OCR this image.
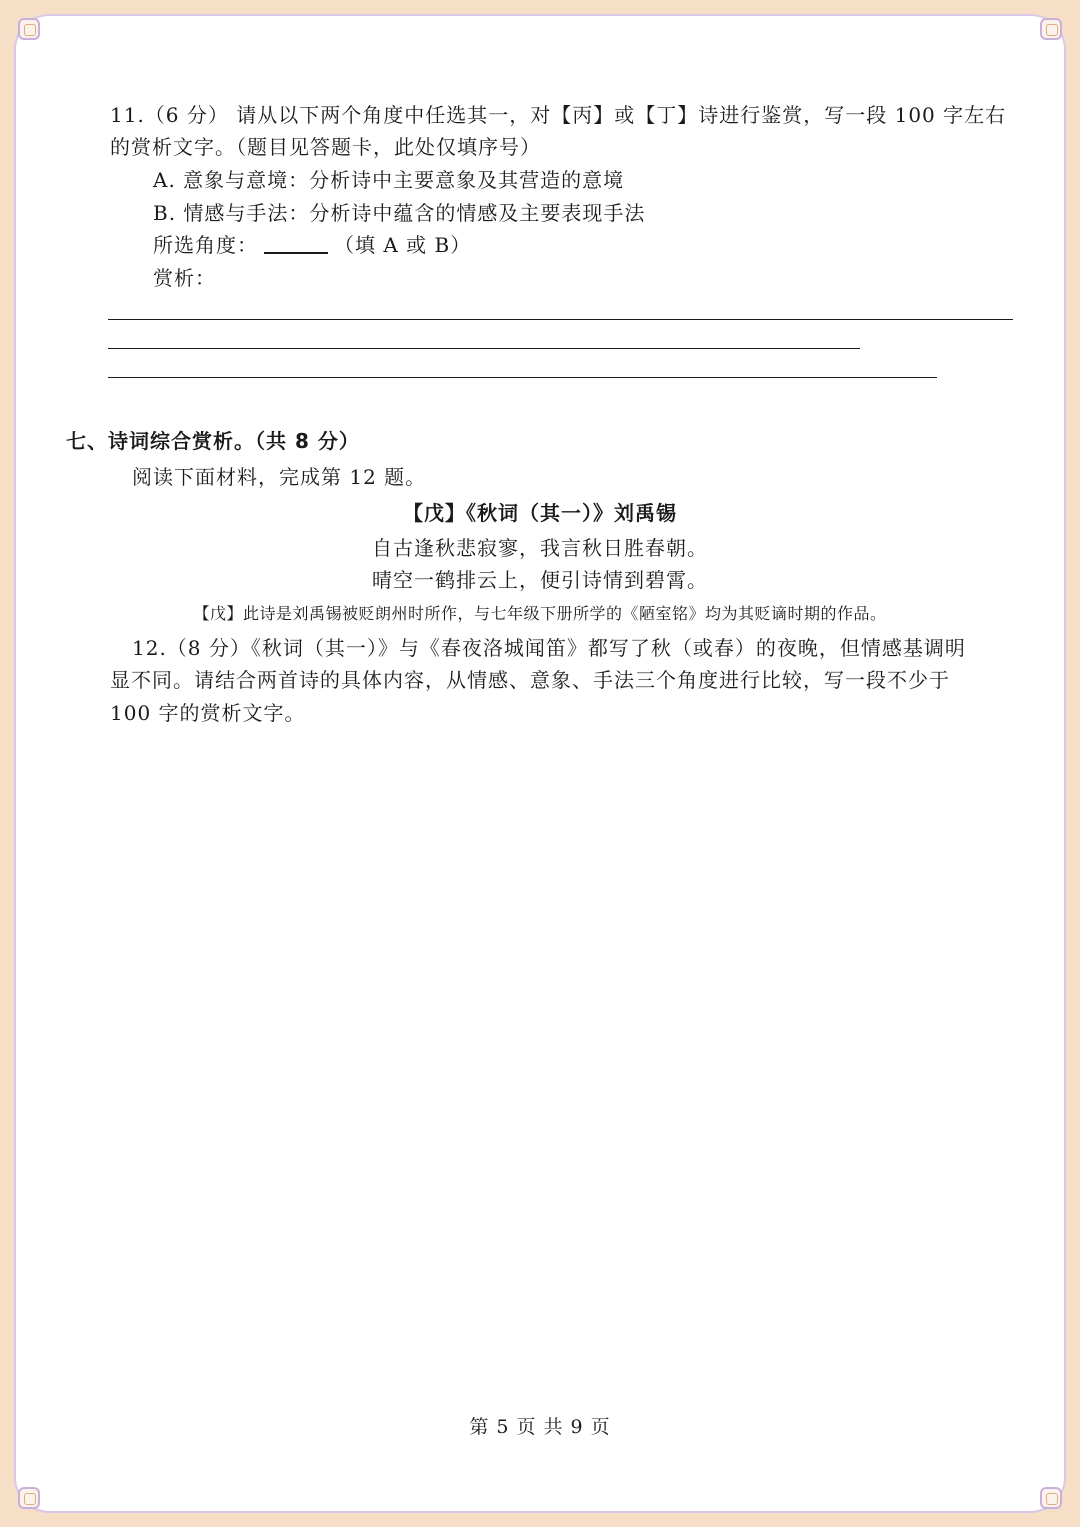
11.（6 分） 请从以下两个角度中任选其一，对【丙】或【丁】诗进行鉴赏，写一段 100 字左右
的赏析文字。（题目见答题卡，此处仅填序号）
A. 意象与意境：分析诗中主要意象及其营造的意境
B. 情感与手法：分析诗中蕴含的情感及主要表现手法
所选角度：	（填 A 或 B）
赏析：
七、诗词综合赏析。（共 8 分）
阅读下面材料，完成第 12 题。
【戊】《秋词（其一）》刘禹锡
自古逢秋悲寂寥，我言秋日胜春朝。
晴空一鹤排云上，便引诗情到碧霄。
【戊】此诗是刘禹锡被贬朗州时所作，与七年级下册所学的《陋室铭》均为其贬谪时期的作品。
12.（8 分）《秋词（其一）》与《春夜洛城闻笛》都写了秋（或春）的夜晚，但情感基调明
显不同。请结合两首诗的具体内容，从情感、意象、手法三个角度进行比较，写一段不少于
100 字的赏析文字。
第 5 页 共 9 页
